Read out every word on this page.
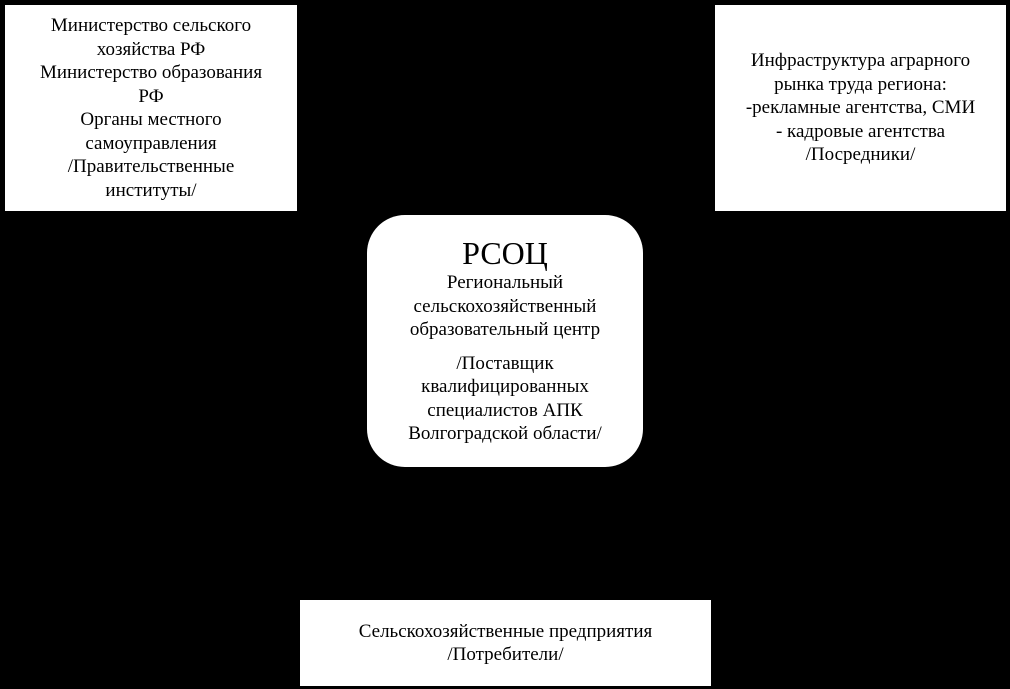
Министерство сельского
хозяйства РФ
Министерство образования
РФ
Органы местного
самоуправления
/Правительственные
институты/
Инфраструктура аграрного
рынка труда региона:
-рекламные агентства, СМИ
- кадровые агентства
/Посредники/
РСОЦ
Региональный
сельскохозяйственный
образовательный центр
/Поставщик
квалифицированных
специалистов АПК
Волгоградской области/
Сельскохозяйственные предприятия
/Потребители/
